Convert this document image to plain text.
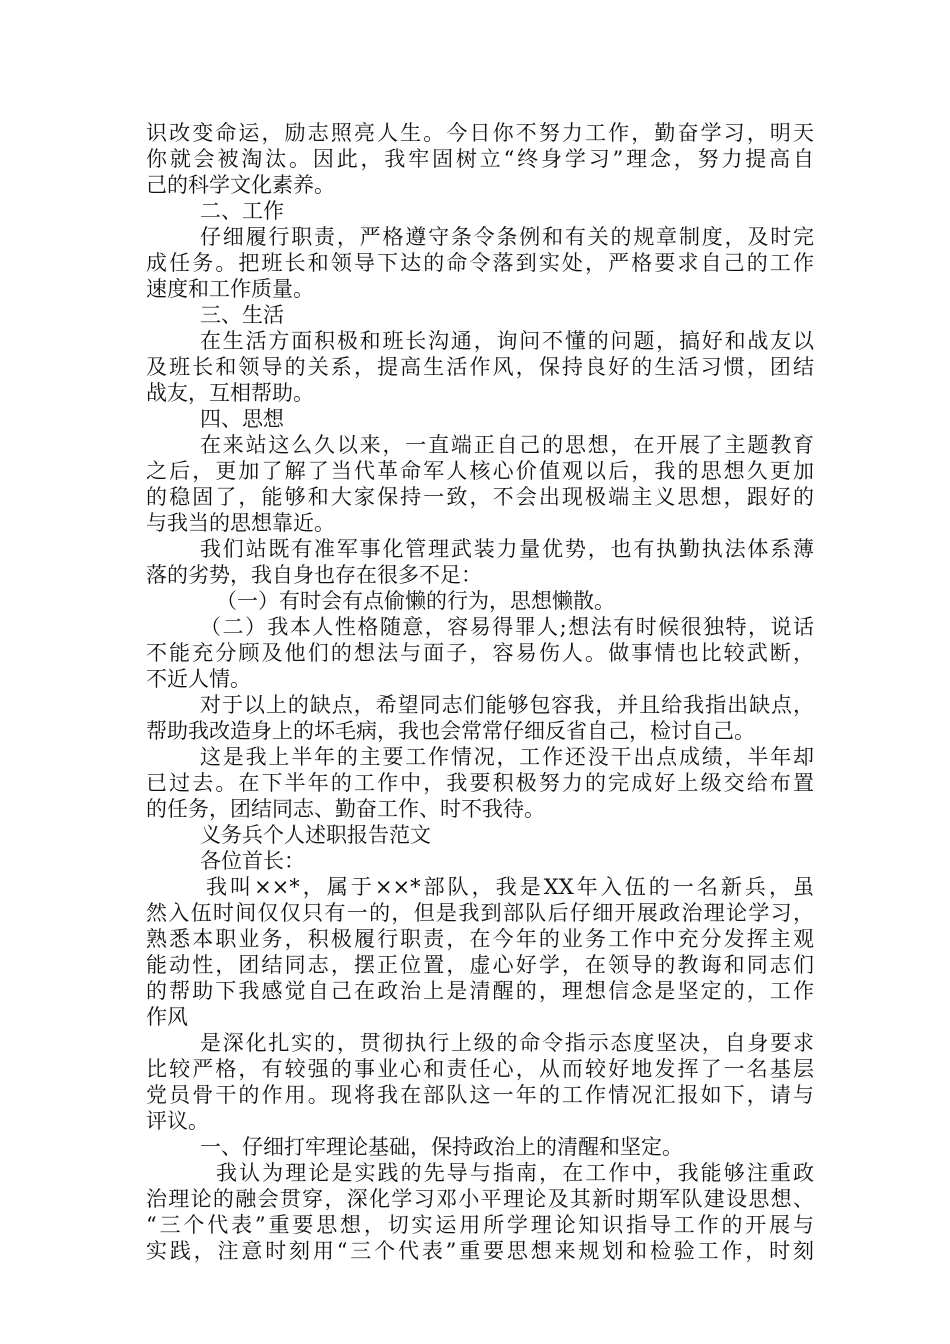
识改变命运，励志照亮人生。今日你不努力工作，勤奋学习，明天
你就会被淘汰。因此，我牢固树立“终身学习”理念，努力提高自
己的科学文化素养。
二、工作
仔细履行职责，严格遵守条令条例和有关的规章制度，及时完
成任务。把班长和领导下达的命令落到实处，严格要求自己的工作
速度和工作质量。
三、生活
在生活方面积极和班长沟通，询问不懂的问题，搞好和战友以
及班长和领导的关系，提高生活作风，保持良好的生活习惯，团结
战友，互相帮助。
四、思想
在来站这么久以来，一直端正自己的思想，在开展了主题教育
之后，更加了解了当代革命军人核心价值观以后，我的思想久更加
的稳固了，能够和大家保持一致，不会出现极端主义思想，跟好的
与我当的思想靠近。
我们站既有准军事化管理武装力量优势，也有执勤执法体系薄
落的劣势，我自身也存在很多不足：
（一）有时会有点偷懒的行为，思想懒散。
（二）我本人性格随意，容易得罪人;想法有时候很独特，说话
不能充分顾及他们的想法与面子，容易伤人。做事情也比较武断，
不近人情。
对于以上的缺点，希望同志们能够包容我，并且给我指出缺点，
帮助我改造身上的坏毛病，我也会常常仔细反省自己，检讨自己。
这是我上半年的主要工作情况，工作还没干出点成绩，半年却
已过去。在下半年的工作中，我要积极努力的完成好上级交给布置
的任务，团结同志、勤奋工作、时不我待。
义务兵个人述职报告范文
各位首长：
我叫××*，属于××*部队，我是XX年入伍的一名新兵，虽
然入伍时间仅仅只有一的，但是我到部队后仔细开展政治理论学习，
熟悉本职业务，积极履行职责，在今年的业务工作中充分发挥主观
能动性，团结同志，摆正位置，虚心好学，在领导的教诲和同志们
的帮助下我感觉自己在政治上是清醒的，理想信念是坚定的，工作
作风
是深化扎实的，贯彻执行上级的命令指示态度坚决，自身要求
比较严格，有较强的事业心和责任心，从而较好地发挥了一名基层
党员骨干的作用。现将我在部队这一年的工作情况汇报如下，请与
评议。
一、仔细打牢理论基础，保持政治上的清醒和坚定。
我认为理论是实践的先导与指南，在工作中，我能够注重政
治理论的融会贯穿，深化学习邓小平理论及其新时期军队建设思想、
“三个代表”重要思想，切实运用所学理论知识指导工作的开展与
实践，注意时刻用“三个代表”重要思想来规划和检验工作，时刻
